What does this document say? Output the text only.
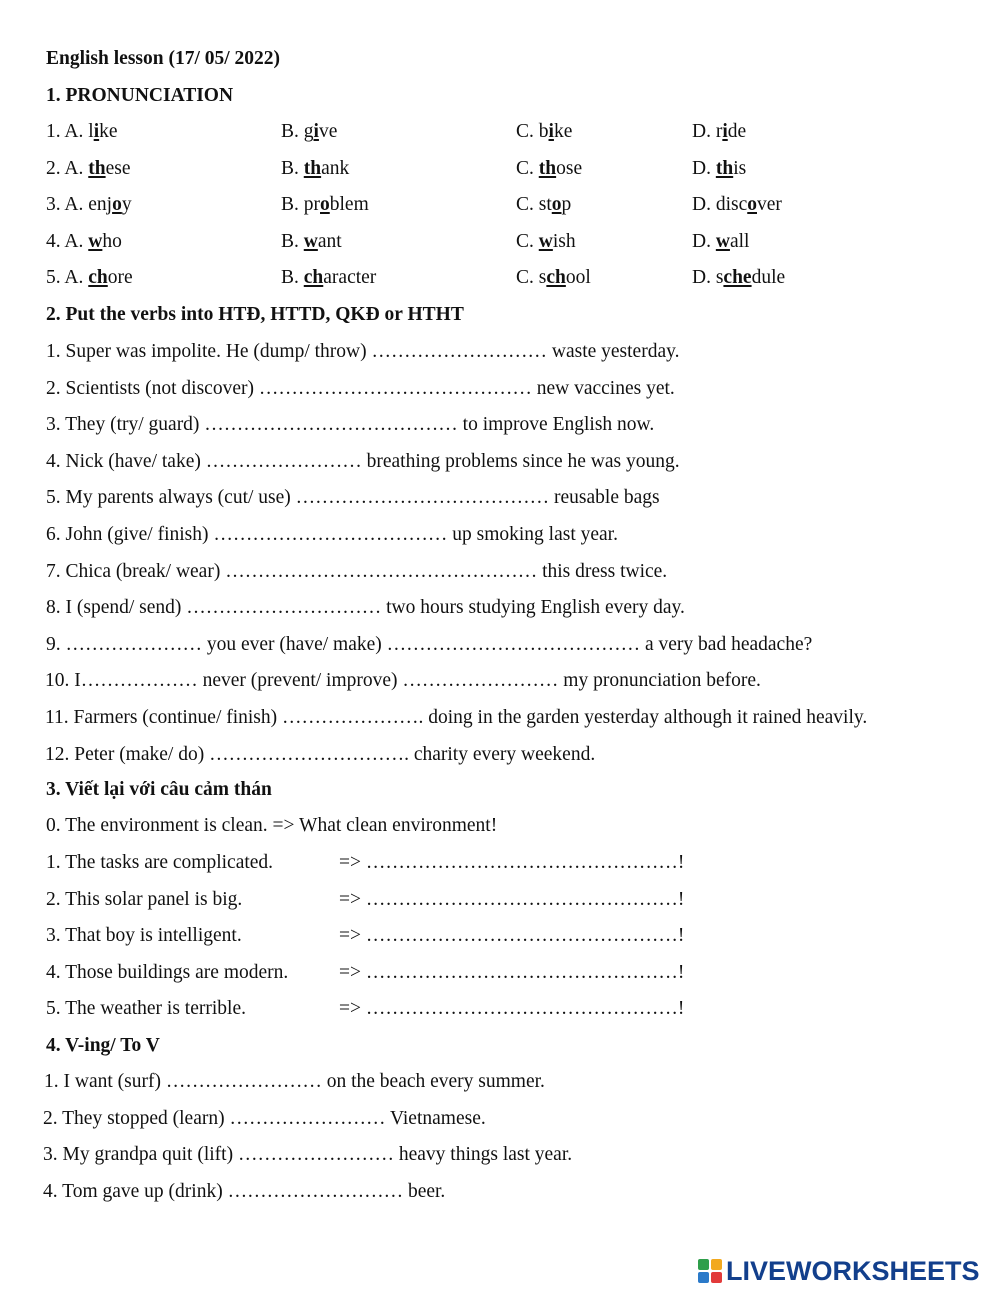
English lesson (17/ 05/ 2022)
1. PRONUNCIATION
1. A. like	B. give	C. bike	D. ride
2. A. these	B. thank	C. those	D. this
3. A. enjoy	B. problem	C. stop	D. discover
4. A. who	B. want	C. wish	D. wall
5. A. chore	B. character	C. school	D. schedule
2. Put the verbs into HTĐ, HTTD, QKĐ or HTHT
1. Super was impolite. He (dump/ throw) ……………………… waste yesterday.
2. Scientists (not discover) …………………………………… new vaccines yet.
3. They (try/ guard) ………………………………… to improve English now.
4. Nick (have/ take) …………………… breathing problems since he was young.
5. My parents always (cut/ use) ………………………………… reusable bags
6. John (give/ finish) ……………………………… up smoking last year.
7. Chica (break/ wear) ………………………………………… this dress twice.
8. I (spend/ send) ………………………… two hours studying English every day.
9. ………………… you ever (have/ make) ………………………………… a very bad headache?
10. I……………… never (prevent/ improve) …………………… my pronunciation before.
11. Farmers (continue/ finish) …………………. doing in the garden yesterday although it rained heavily.
12. Peter (make/ do) …………………………. charity every weekend.
3. Viết lại với câu cảm thán
0. The environment is clean. => What clean environment!
1. The tasks are complicated.	=> …………………………………………!
2. This solar panel is big.	=> …………………………………………!
3. That boy is intelligent.	=> …………………………………………!
4. Those buildings are modern.	=> …………………………………………!
5. The weather is terrible.	=> …………………………………………!
4. V-ing/ To V
1. I want (surf) …………………… on the beach every summer.
2. They stopped (learn) …………………… Vietnamese.
3. My grandpa quit (lift) …………………… heavy things last year.
4. Tom gave up (drink) ……………………… beer.
LIVEWORKSHEETS
